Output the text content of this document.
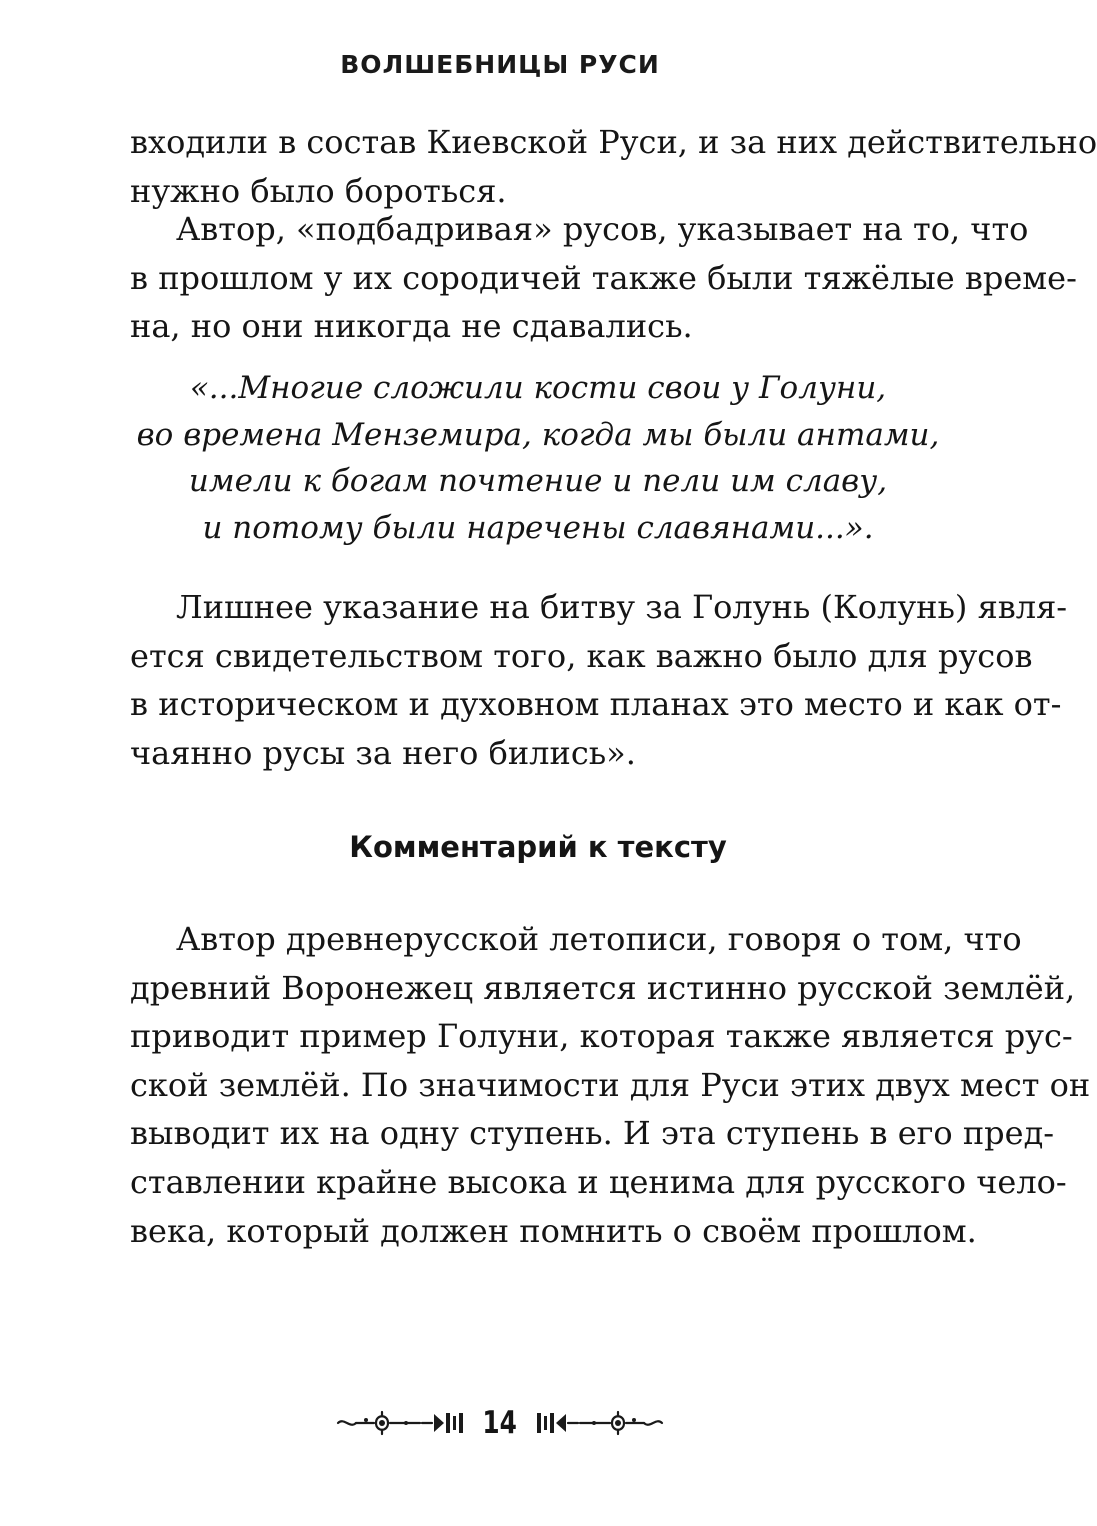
ВОЛШЕБНИЦЫ РУСИ

входили в состав Киевской Руси, и за них действительно
нужно было бороться.

Автор, «подбадривая» русов, указывает на то, что
в прошлом у их сородичей также были тяжёлые време-
на, но они никогда не сдавались.

«...Многие сложили кости свои у Голуни,
во времена Менземира, когда мы были антами,
имели к богам почтение и пели им славу,
и потому были наречены славянами...».

Лишнее указание на битву за Голунь (Колунь) явля-
ется свидетельством того, как важно было для русов
в историческом и духовном планах это место и как от-
чаянно русы за него бились».

Комментарий к тексту

Автор древнерусской летописи, говоря о том, что
древний Воронежец является истинно русской землёй,
приводит пример Голуни, которая также является рус-
ской землёй. По значимости для Руси этих двух мест он
выводит их на одну ступень. И эта ступень в его пред-
ставлении крайне высока и ценима для русского чело-
века, который должен помнить о своём прошлом.

14
